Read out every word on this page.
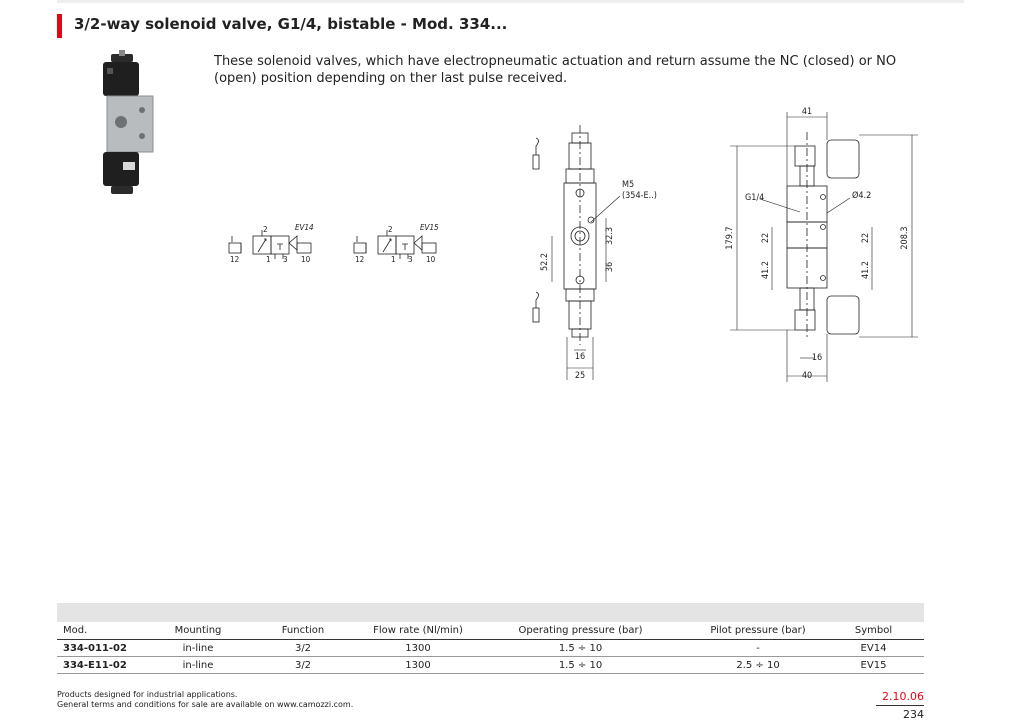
3/2-way solenoid valve, G1/4, bistable - Mod. 334...
These solenoid valves, which have electropneumatic actuation and return assume the NC (closed) or NO (open) position depending on ther last pulse received.
2	EV14
12	1 3 10
2	EV15
12	1 3 10
M5
(354-E..)
32.3
36
52.2
16
25
41
G1/4	Ø4.2
179.7	208.3
22
41.2
22
41.2
16
40
Mod.	Mounting	Function	Flow rate (Nl/min)	Operating pressure (bar)	Pilot pressure (bar)	Symbol
334-011-02	in-line	3/2	1300	1.5 ÷ 10	-	EV14
334-E11-02	in-line	3/2	1300	1.5 ÷ 10	2.5 ÷ 10	EV15
Products designed for industrial applications.
General terms and conditions for sale are available on www.camozzi.com.
2.10.06
234
